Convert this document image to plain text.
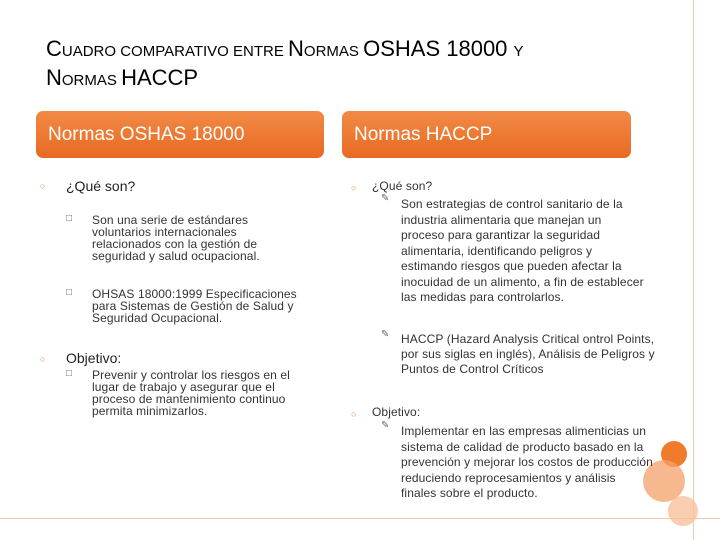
CUADRO COMPARATIVO ENTRE NORMAS OSHAS 18000 Y
NORMAS HACCP
Normas OSHAS 18000
○ ¿Qué son?
□ Son una serie de estándares voluntarios internacionales relacionados con la gestión de seguridad y salud ocupacional.
□ OHSAS 18000:1999 Especificaciones para Sistemas de Gestión de Salud y Seguridad Ocupacional.
○ Objetivo:
□ Prevenir y controlar los riesgos en el lugar de trabajo y asegurar que el proceso de mantenimiento continuo permita minimizarlos.
Normas HACCP
○ ¿Qué son?
✎ Son estrategias de control sanitario de la industria alimentaria que manejan un proceso para garantizar la seguridad alimentaria, identificando peligros y estimando riesgos que pueden afectar la inocuidad de un alimento, a fin de establecer las medidas para controlarlos.
✎ HACCP (Hazard Analysis Critical ontrol Points, por sus siglas en inglés), Análisis de Peligros y Puntos de Control Críticos
○ Objetivo:
✎ Implementar en las empresas alimenticias un sistema de calidad de producto basado en la prevención y mejorar los costos de producción reduciendo reprocesamientos y análisis finales sobre el producto.
